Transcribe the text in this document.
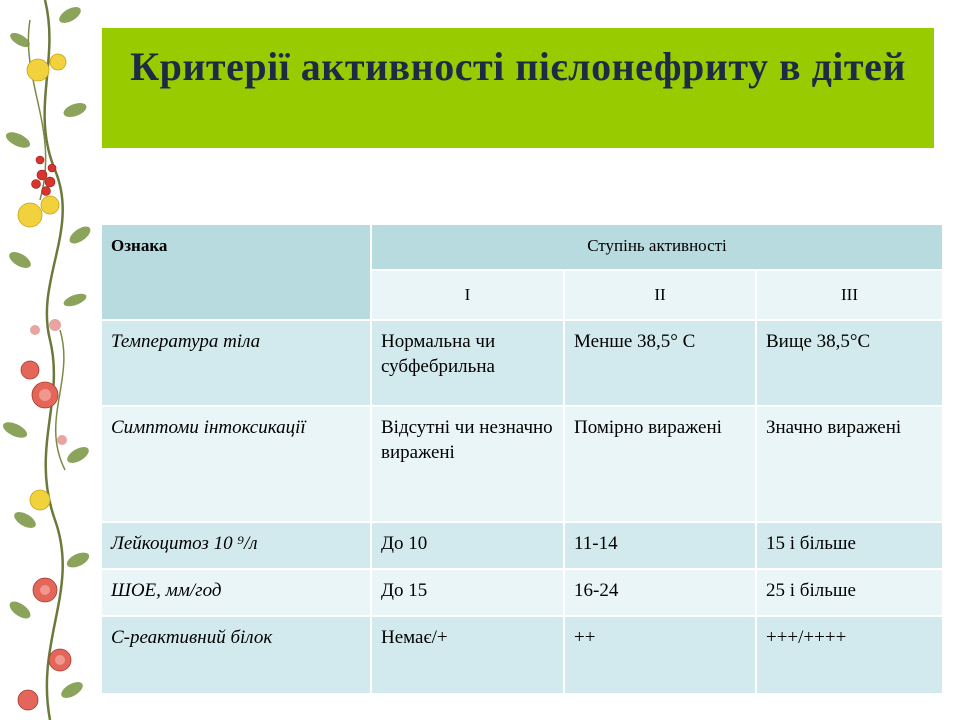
Критерії активності пієлонефриту в дітей
Ознака	Ступінь активності		
	I	II	III
Температура тіла	Нормальна чи субфебрильна	Менше 38,5° С	Вище 38,5°С
Симптоми інтоксикації	Відсутні чи незначно виражені	Помірно виражені	Значно виражені
Лейкоцитоз 10 ⁹/л	До 10	11-14	15 і більше
ШОЕ, мм/год	До 15	16-24	25 і більше
С-реактивний білок	Немає/+	++	+++/++++
